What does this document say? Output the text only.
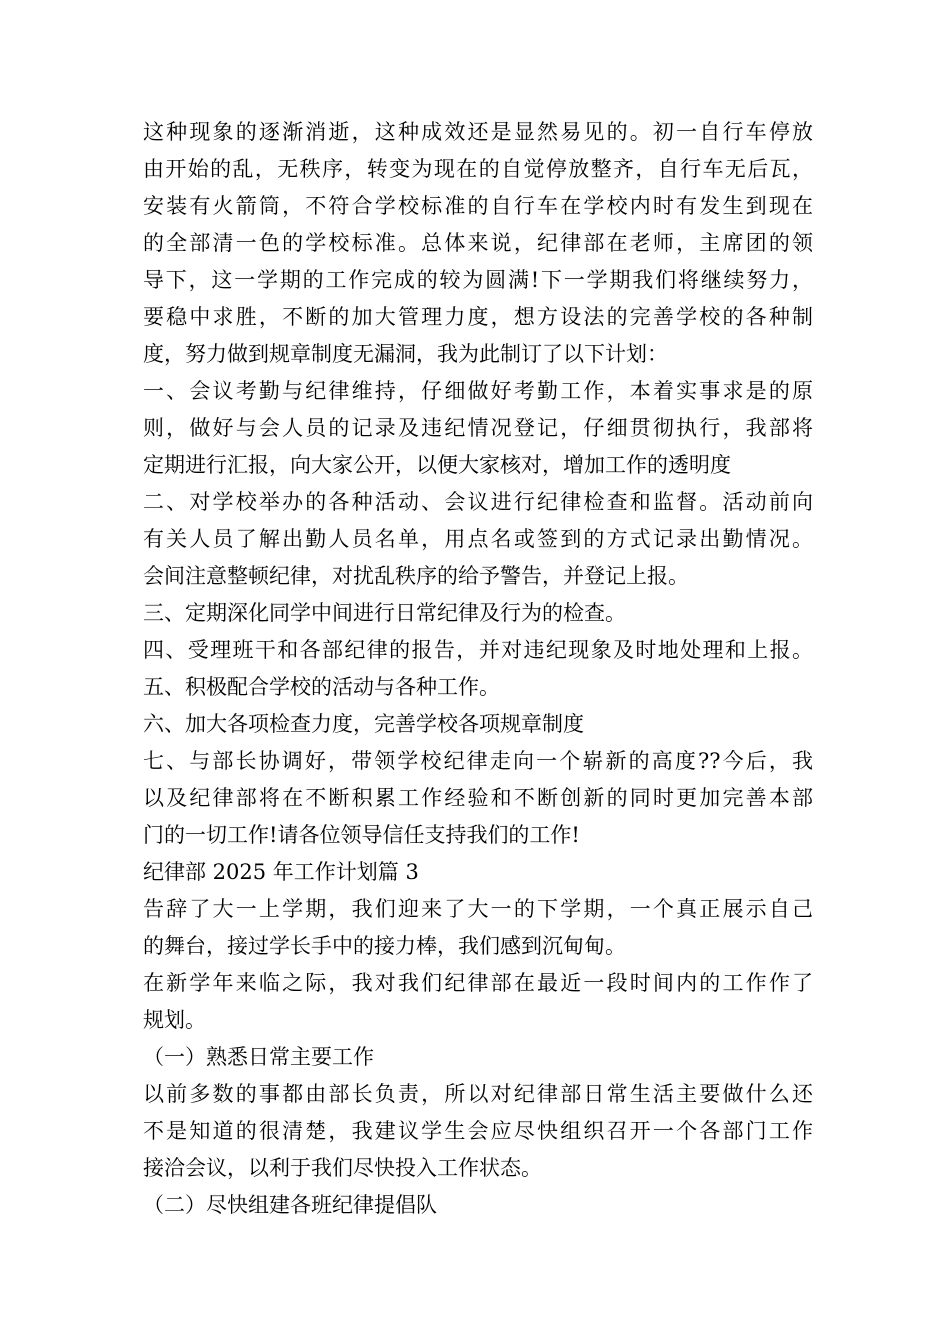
这种现象的逐渐消逝，这种成效还是显然易见的。初一自行车停放
由开始的乱，无秩序，转变为现在的自觉停放整齐，自行车无后瓦，
安装有火箭筒，不符合学校标准的自行车在学校内时有发生到现在
的全部清一色的学校标准。总体来说，纪律部在老师，主席团的领
导下，这一学期的工作完成的较为圆满!下一学期我们将继续努力，
要稳中求胜，不断的加大管理力度，想方设法的完善学校的各种制
度，努力做到规章制度无漏洞，我为此制订了以下计划：
一、会议考勤与纪律维持，仔细做好考勤工作，本着实事求是的原
则，做好与会人员的记录及违纪情况登记，仔细贯彻执行，我部将
定期进行汇报，向大家公开，以便大家核对，增加工作的透明度
二、对学校举办的各种活动、会议进行纪律检查和监督。活动前向
有关人员了解出勤人员名单，用点名或签到的方式记录出勤情况。
会间注意整顿纪律，对扰乱秩序的给予警告，并登记上报。
三、定期深化同学中间进行日常纪律及行为的检查。
四、受理班干和各部纪律的报告，并对违纪现象及时地处理和上报。
五、积极配合学校的活动与各种工作。
六、加大各项检查力度，完善学校各项规章制度
七、与部长协调好，带领学校纪律走向一个崭新的高度??今后，我
以及纪律部将在不断积累工作经验和不断创新的同时更加完善本部
门的一切工作!请各位领导信任支持我们的工作!
纪律部 2025 年工作计划篇 3
告辞了大一上学期，我们迎来了大一的下学期，一个真正展示自己
的舞台，接过学长手中的接力棒，我们感到沉甸甸。
在新学年来临之际，我对我们纪律部在最近一段时间内的工作作了
规划。
（一）熟悉日常主要工作
以前多数的事都由部长负责，所以对纪律部日常生活主要做什么还
不是知道的很清楚，我建议学生会应尽快组织召开一个各部门工作
接洽会议，以利于我们尽快投入工作状态。
（二）尽快组建各班纪律提倡队
